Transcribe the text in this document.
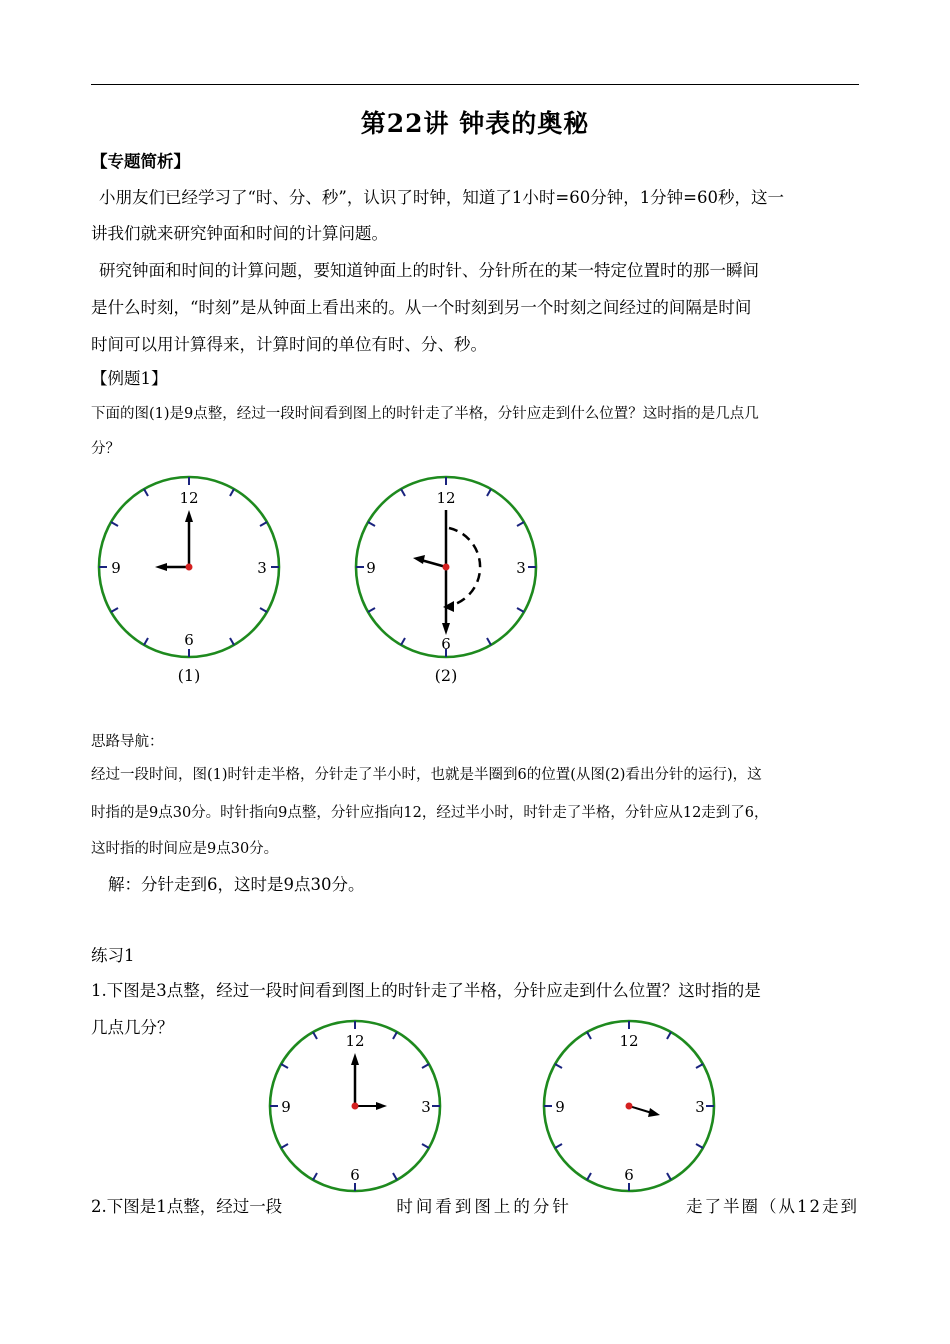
第22讲 钟表的奥秘
【专题简析】
小朋友们已经学习了“时、分、秒”，认识了时钟，知道了1小时=60分钟，1分钟=60秒，这一
讲我们就来研究钟面和时间的计算问题。
研究钟面和时间的计算问题，要知道钟面上的时针、分针所在的某一特定位置时的那一瞬间
是什么时刻，“时刻”是从钟面上看出来的。从一个时刻到另一个时刻之间经过的间隔是时间
时间可以用计算得来，计算时间的单位有时、分、秒。
【例题1】
下面的图(1)是9点整，经过一段时间看到图上的时针走了半格，分针应走到什么位置？这时指的是几点几
分？
12
3
6
9
(1)
12
3
6
9
(2)
思路导航：
经过一段时间，图(1)时针走半格，分针走了半小时，也就是半圈到6的位置(从图(2)看出分针的运行)，这
时指的是9点30分。时针指向9点整，分针应指向12，经过半小时，时针走了半格，分针应从12走到了6，
这时指的时间应是9点30分。
解：分针走到6，这时是9点30分。
练习1
1.下图是3点整，经过一段时间看到图上的时针走了半格，分针应走到什么位置？这时指的是
几点几分？
12
3
6
9
12
3
6
9
2.下图是1点整，经过一段	时间看到图上的分针	走了半圈（从12走到
